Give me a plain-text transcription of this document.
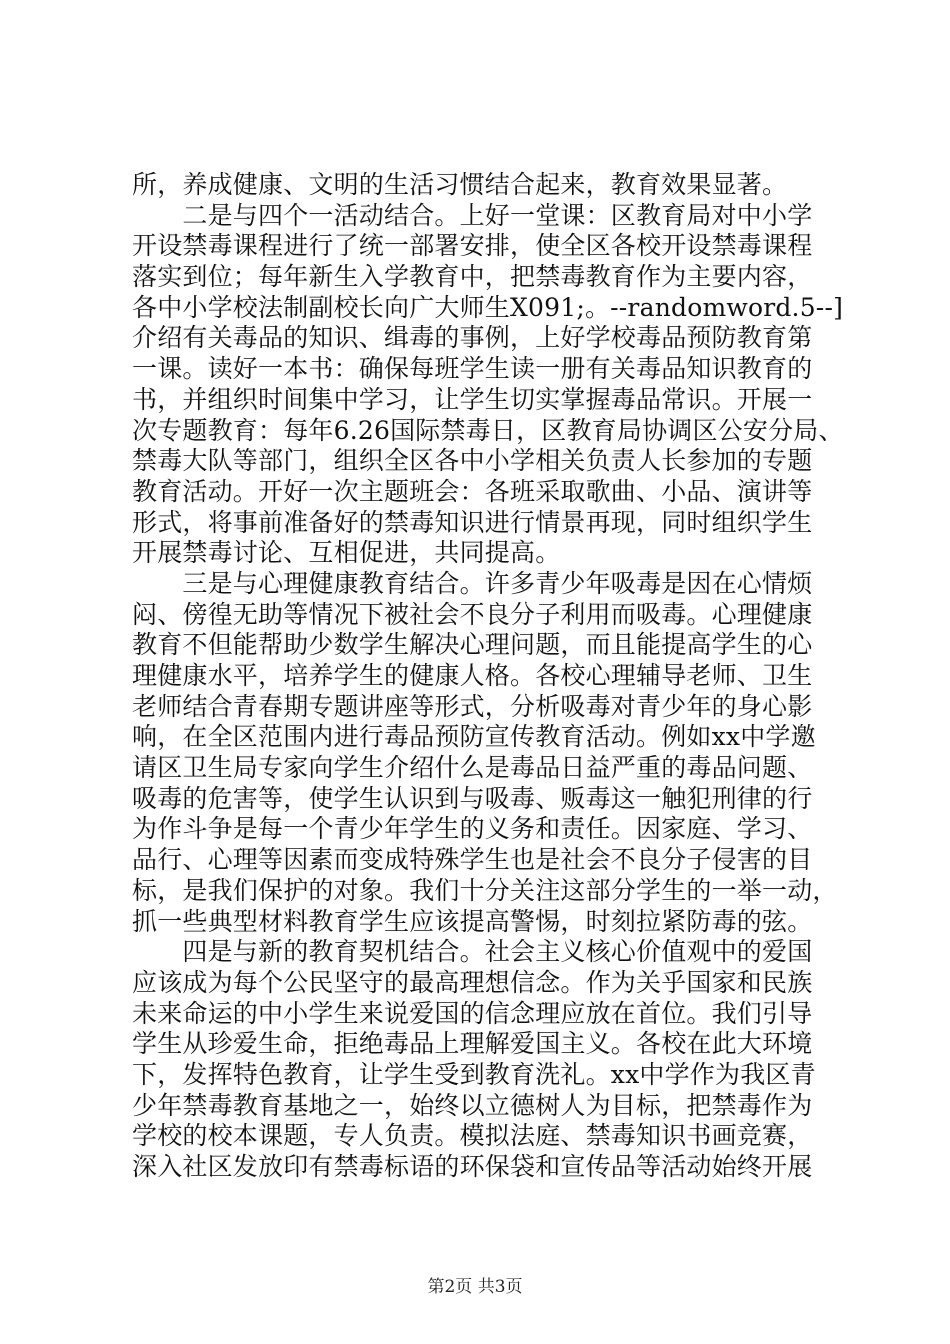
所，养成健康、文明的生活习惯结合起来，教育效果显著。
　　二是与四个一活动结合。上好一堂课：区教育局对中小学
开设禁毒课程进行了统一部署安排，使全区各校开设禁毒课程
落实到位；每年新生入学教育中，把禁毒教育作为主要内容，
各中小学校法制副校长向广大师生X091;。--randomword.5--]
介绍有关毒品的知识、缉毒的事例，上好学校毒品预防教育第
一课。读好一本书：确保每班学生读一册有关毒品知识教育的
书，并组织时间集中学习，让学生切实掌握毒品常识。开展一
次专题教育：每年6.26国际禁毒日，区教育局协调区公安分局、
禁毒大队等部门，组织全区各中小学相关负责人长参加的专题
教育活动。开好一次主题班会：各班采取歌曲、小品、演讲等
形式，将事前准备好的禁毒知识进行情景再现，同时组织学生
开展禁毒讨论、互相促进，共同提高。
　　三是与心理健康教育结合。许多青少年吸毒是因在心情烦
闷、傍徨无助等情况下被社会不良分子利用而吸毒。心理健康
教育不但能帮助少数学生解决心理问题，而且能提高学生的心
理健康水平，培养学生的健康人格。各校心理辅导老师、卫生
老师结合青春期专题讲座等形式，分析吸毒对青少年的身心影
响，在全区范围内进行毒品预防宣传教育活动。例如xx中学邀
请区卫生局专家向学生介绍什么是毒品日益严重的毒品问题、
吸毒的危害等，使学生认识到与吸毒、贩毒这一触犯刑律的行
为作斗争是每一个青少年学生的义务和责任。因家庭、学习、
品行、心理等因素而变成特殊学生也是社会不良分子侵害的目
标，是我们保护的对象。我们十分关注这部分学生的一举一动，
抓一些典型材料教育学生应该提高警惕，时刻拉紧防毒的弦。
　　四是与新的教育契机结合。社会主义核心价值观中的爱国
应该成为每个公民坚守的最高理想信念。作为关乎国家和民族
未来命运的中小学生来说爱国的信念理应放在首位。我们引导
学生从珍爱生命，拒绝毒品上理解爱国主义。各校在此大环境
下，发挥特色教育，让学生受到教育洗礼。xx中学作为我区青
少年禁毒教育基地之一，始终以立德树人为目标，把禁毒作为
学校的校本课题，专人负责。模拟法庭、禁毒知识书画竞赛，
深入社区发放印有禁毒标语的环保袋和宣传品等活动始终开展
第2页 共3页
